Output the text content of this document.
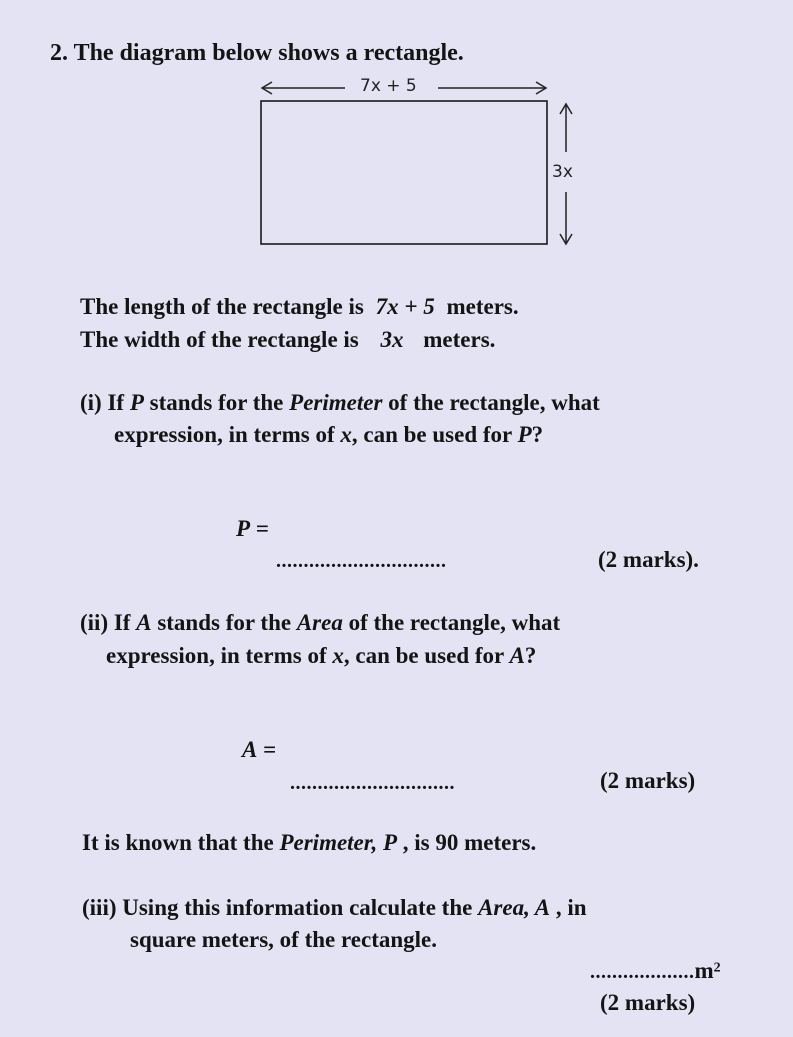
2. The diagram below shows a rectangle.
7x + 5
3x
The length of the rectangle is 7x + 5 meters.
The width of the rectangle is 3x meters.
(i) If P stands for the Perimeter of the rectangle, what
expression, in terms of x, can be used for P?
P =
...............................	(2 marks).
(ii) If A stands for the Area of the rectangle, what
expression, in terms of x, can be used for A?
A =
..............................	(2 marks)
It is known that the Perimeter, P , is 90 meters.
(iii) Using this information calculate the Area, A , in
square meters, of the rectangle.
$...................m^2$
(2 marks)
